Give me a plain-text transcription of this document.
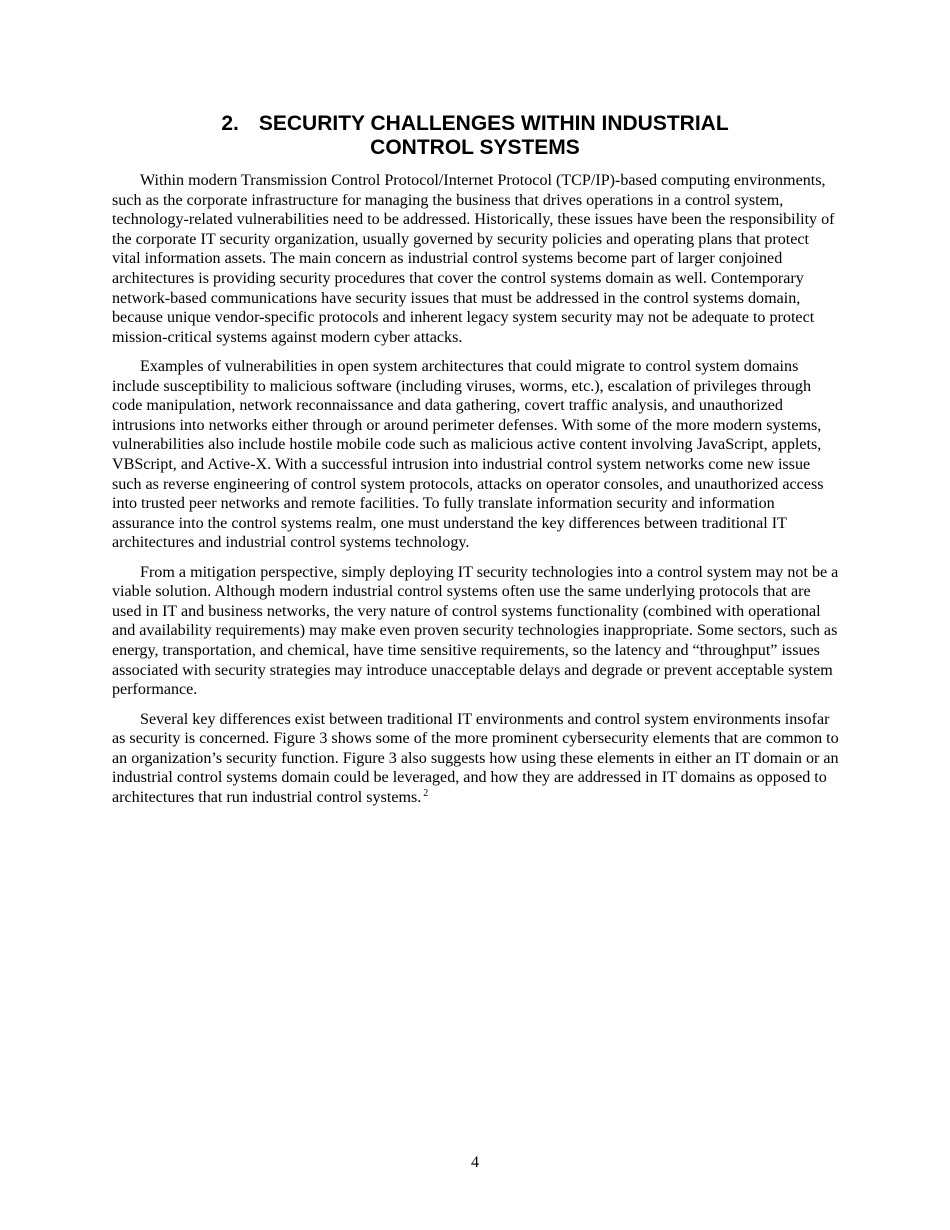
2. SECURITY CHALLENGES WITHIN INDUSTRIAL
CONTROL SYSTEMS

Within modern Transmission Control Protocol/Internet Protocol (TCP/IP)-based computing environments, such as the corporate infrastructure for managing the business that drives operations in a control system, technology-related vulnerabilities need to be addressed. Historically, these issues have been the responsibility of the corporate IT security organization, usually governed by security policies and operating plans that protect vital information assets. The main concern as industrial control systems become part of larger conjoined architectures is providing security procedures that cover the control systems domain as well. Contemporary network-based communications have security issues that must be addressed in the control systems domain, because unique vendor-specific protocols and inherent legacy system security may not be adequate to protect mission-critical systems against modern cyber attacks.

Examples of vulnerabilities in open system architectures that could migrate to control system domains include susceptibility to malicious software (including viruses, worms, etc.), escalation of privileges through code manipulation, network reconnaissance and data gathering, covert traffic analysis, and unauthorized intrusions into networks either through or around perimeter defenses. With some of the more modern systems, vulnerabilities also include hostile mobile code such as malicious active content involving JavaScript, applets, VBScript, and Active-X. With a successful intrusion into industrial control system networks come new issue such as reverse engineering of control system protocols, attacks on operator consoles, and unauthorized access into trusted peer networks and remote facilities. To fully translate information security and information assurance into the control systems realm, one must understand the key differences between traditional IT architectures and industrial control systems technology.

From a mitigation perspective, simply deploying IT security technologies into a control system may not be a viable solution. Although modern industrial control systems often use the same underlying protocols that are used in IT and business networks, the very nature of control systems functionality (combined with operational and availability requirements) may make even proven security technologies inappropriate. Some sectors, such as energy, transportation, and chemical, have time sensitive requirements, so the latency and “throughput” issues associated with security strategies may introduce unacceptable delays and degrade or prevent acceptable system performance.

Several key differences exist between traditional IT environments and control system environments insofar as security is concerned. Figure 3 shows some of the more prominent cybersecurity elements that are common to an organization’s security function. Figure 3 also suggests how using these elements in either an IT domain or an industrial control systems domain could be leveraged, and how they are addressed in IT domains as opposed to architectures that run industrial control systems. $^2$

4
